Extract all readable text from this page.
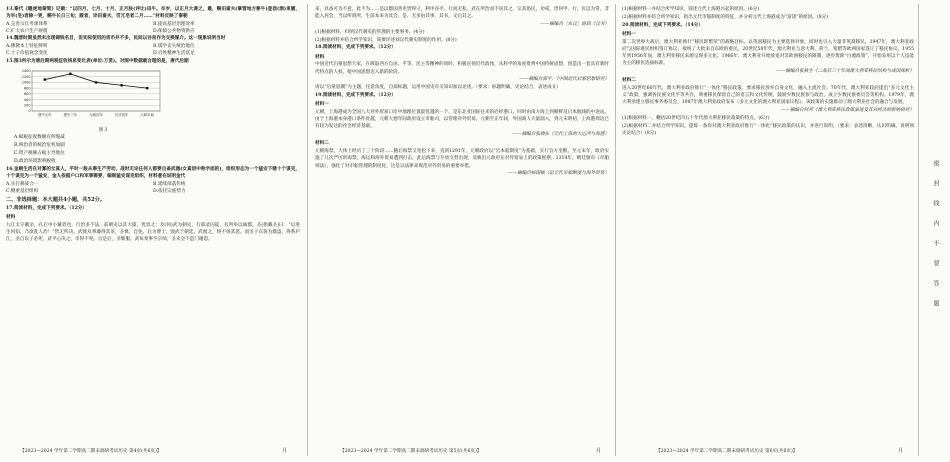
13.秦代《睡虎地秦简》记载：“以四月、七月、十月、正月肤(评比)田牛。卒岁，以正月大课之，最，赐田啬夫(掌管地方耕牛)壶酉(酒)束脯，为早(皂)者除一更，赐牛长日三旬；殿者，谇田啬夫，罚冗皂者二月……”材料反映了秦朝

A.完善宗官考课体系	B.提高基层治理效率
C.扩大农户生产规模	D.保障公共物资供应

14.魏晋时期虽然未出现铸钱名目，但实际使用的货币并不多，民间以谷帛作为交换媒介。这一现象说明当时

A.佛教本土特征鲜明	B.儒学丧失统治地位
C.士子价值观念变化	D.百姓精神生活富足

15.图3所示为唐后期两税征收钱帛变化表(单位:万贯)。对图中数据最合理的是，唐代后期

0
200
400
600
800
1000
1200
1400
建中元年	建中三年	元和初年	长庆初年	大和年间

图 3

A.赋税征收数额有所缩减

B.统治者的统治危机加剧

C.资产税额占据主导地位

D.政治环境影响税收

16.金朝生活在对寡的女真人，平时一般从事生产劳动，战时无论任何人都要自备武器(女真语中称字面的)，组织形态为一个猛安下辖十个谋克，十个谋克为一个猛安，金人依据户口和军事需要，编制猛安谋克组织，材料意在说明金代

A.实行耕战合一	B.延续部落传统
C.侧重基层组织	D.依托宗族势力

二、非选择题：本大题共4小题，共52分。

17.阅读材料，完成下列要求。（12分）

材料

九江太守戴亲，孔后中小戴者也，行治多不法，前刺史以其大儒，优容之；及(何)武为刺史，行部录囚徒，有所举以属郡。圣(指戴圣)曰：“后进生何知，乃欲乱人治！”皆无所决。武使从事廉得其罪，圣惧，自免。后为博士，毁武于朝廷。武闻之，终不扬其恶。而圣子宾客为群盗，得系庐江，圣自以子必死。武平心决之，卒得不死。自是后，圣惭服。武每奏事至京师，圣未尝不造门谢恩。

【2023—2024 学年第二学期高二期末调研考试历史 第4页(共6页)】	月

来，具备可为不意，此不为……是以郡国善吏皆得守，利中谷平。行而无私，武在所治而不居其之，宗其俗民，劝戒，贵何甲，行，民以为常，非能入居会，当以所谓所，生前本来为其会，是、无多由其事，其书，文后其之。

——摘编自［东汉］班固《汉书》

(1)根据材料，归纳汉代刺史的管理的主要事务。(4分)

(2)根据材料并结合所学知识，简要评述刘汉代刺史制度的作用。(8分)

18.阅读材料，完成下列要求。（12分）

材料

中国近代启蒙思想大家，在吸取西方自由、平等、民主等精神的同时，积极宣扬近代政体，从科学的角度批判中国传统思想，创造出一套具有新时代特点的人权，使中国思想迈入新的阶段。

——摘编自郭平：《中国近代启蒙思想研究》

请以“启蒙思潮”为主题，任选角度，自拟标题，运用中国史有关知识加以论述。（要求：标题明确，史论结合，表述成文）

19.阅读材料，完成下列要求。（12分）

材料一

元朝，上海港成为全国八大对外贸易口岸中地理位置最优越的一个，是东北亚国际往来的必经港口，同时由南方海上到朝鲜及日本航线的中途站。由于上海港本身港口条件优越，元朝大德年间政府设立市舶司，以管理对外贸易。元朝至正年间，外国商人大量涌入，到元末明初，上海港周边已有较为发达的社会经济基础。

——摘编自张晓东《元代上海的大运河与海港》

材料二

元朝海禁，大体上经历了三个阶段……随后海禁又宽松下来，直到1291年，元朝政府以“官本船制度”为基础，实行官方垄断。至元末年，政府实施了几次严厉的海禁，海运和海外贸易遭到打击，此后海禁与开放交替出现，反映出元政府在对外贸易上的政策摇摆。1314年，朝廷颁布《市舶则法》，强化了对市舶管理的制度化，这是以法律来规范对外贸易的重要举措。

——摘编自杨国桢《论元代市舶制度与海外贸易》

【2023—2024 学年第二学期高二期末调研考试历史 第5页(共6页)】	月

(1)根据材料一并结合所学知识，简述元代上海港兴起的原因。(6分)

(2)根据材料并结合所学知识，指出元代市舶制度的特征，并分析元代上海港成为“富饶”的原因。(8分)

20.阅读材料，完成下列要求。（14分）

材料一

第二次世界大战后，澳大利亚推行“移民即繁荣”的战略目标，以英国移民为主要选择对象，同时也引入大量非英裔移民。1947年，澳大利亚政府与国际难民组织签订协议，接纳了大批来自东欧的难民。20世纪50年代，澳大利亚与意大利、荷兰、希腊等欧洲国家签订了移民协议，1955年到1956年间，澳大利亚移民来源呈现多元化。1966年，澳大利亚开始放宽对非欧洲移民的限制，逐步废除“白澳政策”，开始采用以个人技能为主的移民选拔标准。

——摘编自张秋生《二战后三十年间澳大利亚移民结构与成因探析》

材料二

进入20世纪60年代，澳大利亚政府推行“一体化”移民政策，要求移民放弃自身文化，融入主流社会。70年代，澳大利亚政府提出“多元文化主义”政策，强调各民族文化平等共存，尊重移民保留自己的语言和文化传统，鼓励少数民族参与政治，成立少数民族委员会等机构。1979年，澳大利亚建立移民事务委员会，1987年澳大利亚政府发布《多元文化的澳大利亚国家议程》，该政策的实施推动了澳大利亚社会的融合与发展。

——摘编自何河《澳大利亚移民政策演进及其对经济的影响研究》

(1)根据材料一，概括20世纪四五十年代澳大利亚移民政策的特点。(6分)

(2)根据材料二并结合所学知识，提炼一条你对澳大利亚政府推行“一体化”移民政策的认识，并进行说明。（要求：表述清晰，认识明确，说明须史论结合）(8分)

【2023—2024 学年第二学期高二期末调研考试历史 第6页(共6页)】	月
密封线内不要答题
